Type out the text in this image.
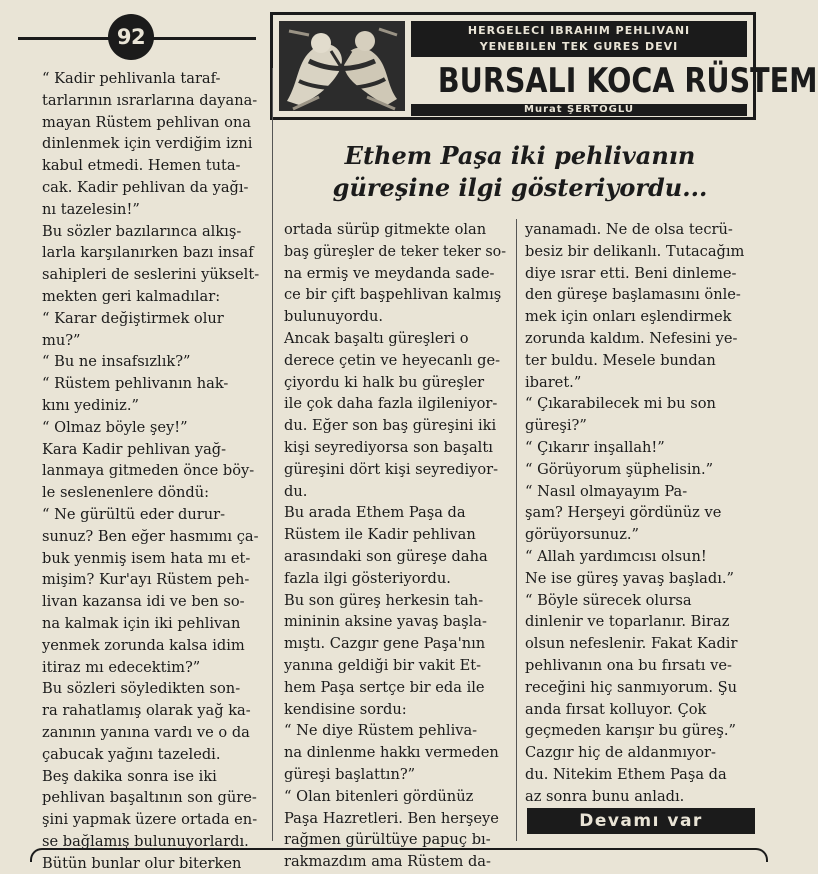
92	HERGELECI IBRAHIM PEHLIVANI
YENEBILEN TEK GURES DEVI
BURSALI KOCA RÜSTEM
Murat ŞERTOGLU
Ethem Paşa iki pehlivanın
güreşine ilgi gösteriyordu...
“ Kadir pehlivanla taraf-
tarlarının ısrarlarına dayana-
mayan Rüstem pehlivan ona
dinlenmek için verdiğim izni
kabul etmedi. Hemen tuta-
cak. Kadir pehlivan da yağı-
nı tazelesin!”
Bu sözler bazılarınca alkış-
larla karşılanırken bazı insaf
sahipleri de seslerini yükselt-
mekten geri kalmadılar:
“ Karar değiştirmek olur
mu?”
“ Bu ne insafsızlık?”
“ Rüstem pehlivanın hak-
kını yediniz.”
“ Olmaz böyle şey!”
Kara Kadir pehlivan yağ-
lanmaya gitmeden önce böy-
le seslenenlere döndü:
“ Ne gürültü eder durur-
sunuz? Ben eğer hasmımı ça-
buk yenmiş isem hata mı et-
mişim? Kur'ayı Rüstem peh-
livan kazansa idi ve ben so-
na kalmak için iki pehlivan
yenmek zorunda kalsa idim
itiraz mı edecektim?”
Bu sözleri söyledikten son-
ra rahatlamış olarak yağ ka-
zanının yanına vardı ve o da
çabucak yağını tazeledi.
Beş dakika sonra ise iki
pehlivan başaltının son güre-
şini yapmak üzere ortada en-
se bağlamış bulunuyorlardı.
Bütün bunlar olur biterken
ortada sürüp gitmekte olan
baş güreşler de teker teker so-
na ermiş ve meydanda sade-
ce bir çift başpehlivan kalmış
bulunuyordu.
Ancak başaltı güreşleri o
derece çetin ve heyecanlı ge-
çiyordu ki halk bu güreşler
ile çok daha fazla ilgileniyor-
du. Eğer son baş güreşini iki
kişi seyrediyorsa son başaltı
güreşini dört kişi seyrediyor-
du.
Bu arada Ethem Paşa da
Rüstem ile Kadir pehlivan
arasındaki son güreşe daha
fazla ilgi gösteriyordu.
Bu son güreş herkesin tah-
mininin aksine yavaş başla-
mıştı. Cazgır gene Paşa'nın
yanına geldiği bir vakit Et-
hem Paşa sertçe bir eda ile
kendisine sordu:
“ Ne diye Rüstem pehliva-
na dinlenme hakkı vermeden
güreşi başlattın?”
“ Olan bitenleri gördünüz
Paşa Hazretleri. Ben herşeye
rağmen gürültüye papuç bı-
rakmazdım ama Rüstem da-
yanamadı. Ne de olsa tecrü-
besiz bir delikanlı. Tutacağım
diye ısrar etti. Beni dinleme-
den güreşe başlamasını önle-
mek için onları eşlendirmek
zorunda kaldım. Nefesini ye-
ter buldu. Mesele bundan
ibaret.”
“ Çıkarabilecek mi bu son
güreşi?”
“ Çıkarır inşallah!”
“ Görüyorum şüphelisin.”
“ Nasıl olmayayım Pa-
şam? Herşeyi gördünüz ve
görüyorsunuz.”
“ Allah yardımcısı olsun!
Ne ise güreş yavaş başladı.”
“ Böyle sürecek olursa
dinlenir ve toparlanır. Biraz
olsun nefeslenir. Fakat Kadir
pehlivanın ona bu fırsatı ve-
receğini hiç sanmıyorum. Şu
anda fırsat kolluyor. Çok
geçmeden karışır bu güreş.”
Cazgır hiç de aldanmıyor-
du. Nitekim Ethem Paşa da
az sonra bunu anladı.
Devamı var
